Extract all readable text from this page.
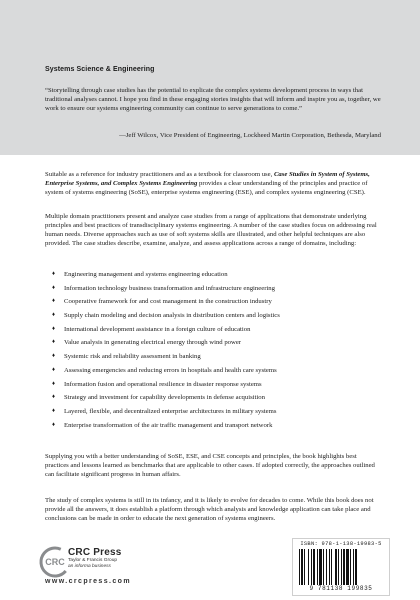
Systems Science & Engineering

“Storytelling through case studies has the potential to explicate the complex systems development process in ways that traditional analyses cannot. I hope you find in these engaging stories insights that will inform and inspire you as, together, we work to ensure our systems engineering community can continue to serve generations to come.”

—Jeff Wilcox, Vice President of Engineering, Lockheed Martin Corporation, Bethesda, Maryland
Suitable as a reference for industry practitioners and as a textbook for classroom use, Case Studies in System of Systems, Enterprise Systems, and Complex Systems Engineering provides a clear understanding of the principles and practice of system of systems engineering (SoSE), enterprise systems engineering (ESE), and complex systems engineering (CSE).
Multiple domain practitioners present and analyze case studies from a range of applications that demonstrate underlying principles and best practices of transdisciplinary systems engineering. A number of the case studies focus on addressing real human needs. Diverse approaches such as use of soft systems skills are illustrated, and other helpful techniques are also provided. The case studies describe, examine, analyze, and assess applications across a range of domains, including:
♦ Engineering management and systems engineering education
♦ Information technology business transformation and infrastructure engineering
♦ Cooperative framework for and cost management in the construction industry
♦ Supply chain modeling and decision analysis in distribution centers and logistics
♦ International development assistance in a foreign culture of education
♦ Value analysis in generating electrical energy through wind power
♦ Systemic risk and reliability assessment in banking
♦ Assessing emergencies and reducing errors in hospitals and health care systems
♦ Information fusion and operational resilience in disaster response systems
♦ Strategy and investment for capability developments in defense acquisition
♦ Layered, flexible, and decentralized enterprise architectures in military systems
♦ Enterprise transformation of the air traffic management and transport network
Supplying you with a better understanding of SoSE, ESE, and CSE concepts and principles, the book highlights best practices and lessons learned as benchmarks that are applicable to other cases. If adopted correctly, the approaches outlined can facilitate significant progress in human affairs.
The study of complex systems is still in its infancy, and it is likely to evolve for decades to come. While this book does not provide all the answers, it does establish a platform through which analysis and knowledge application can take place and conclusions can be made in order to educate the next generation of systems engineers.
CRC
CRC Press
Taylor & Francis Group
an informa business
www.crcpress.com
ISBN: 978-1-138-19983-5
9 781138 199835
